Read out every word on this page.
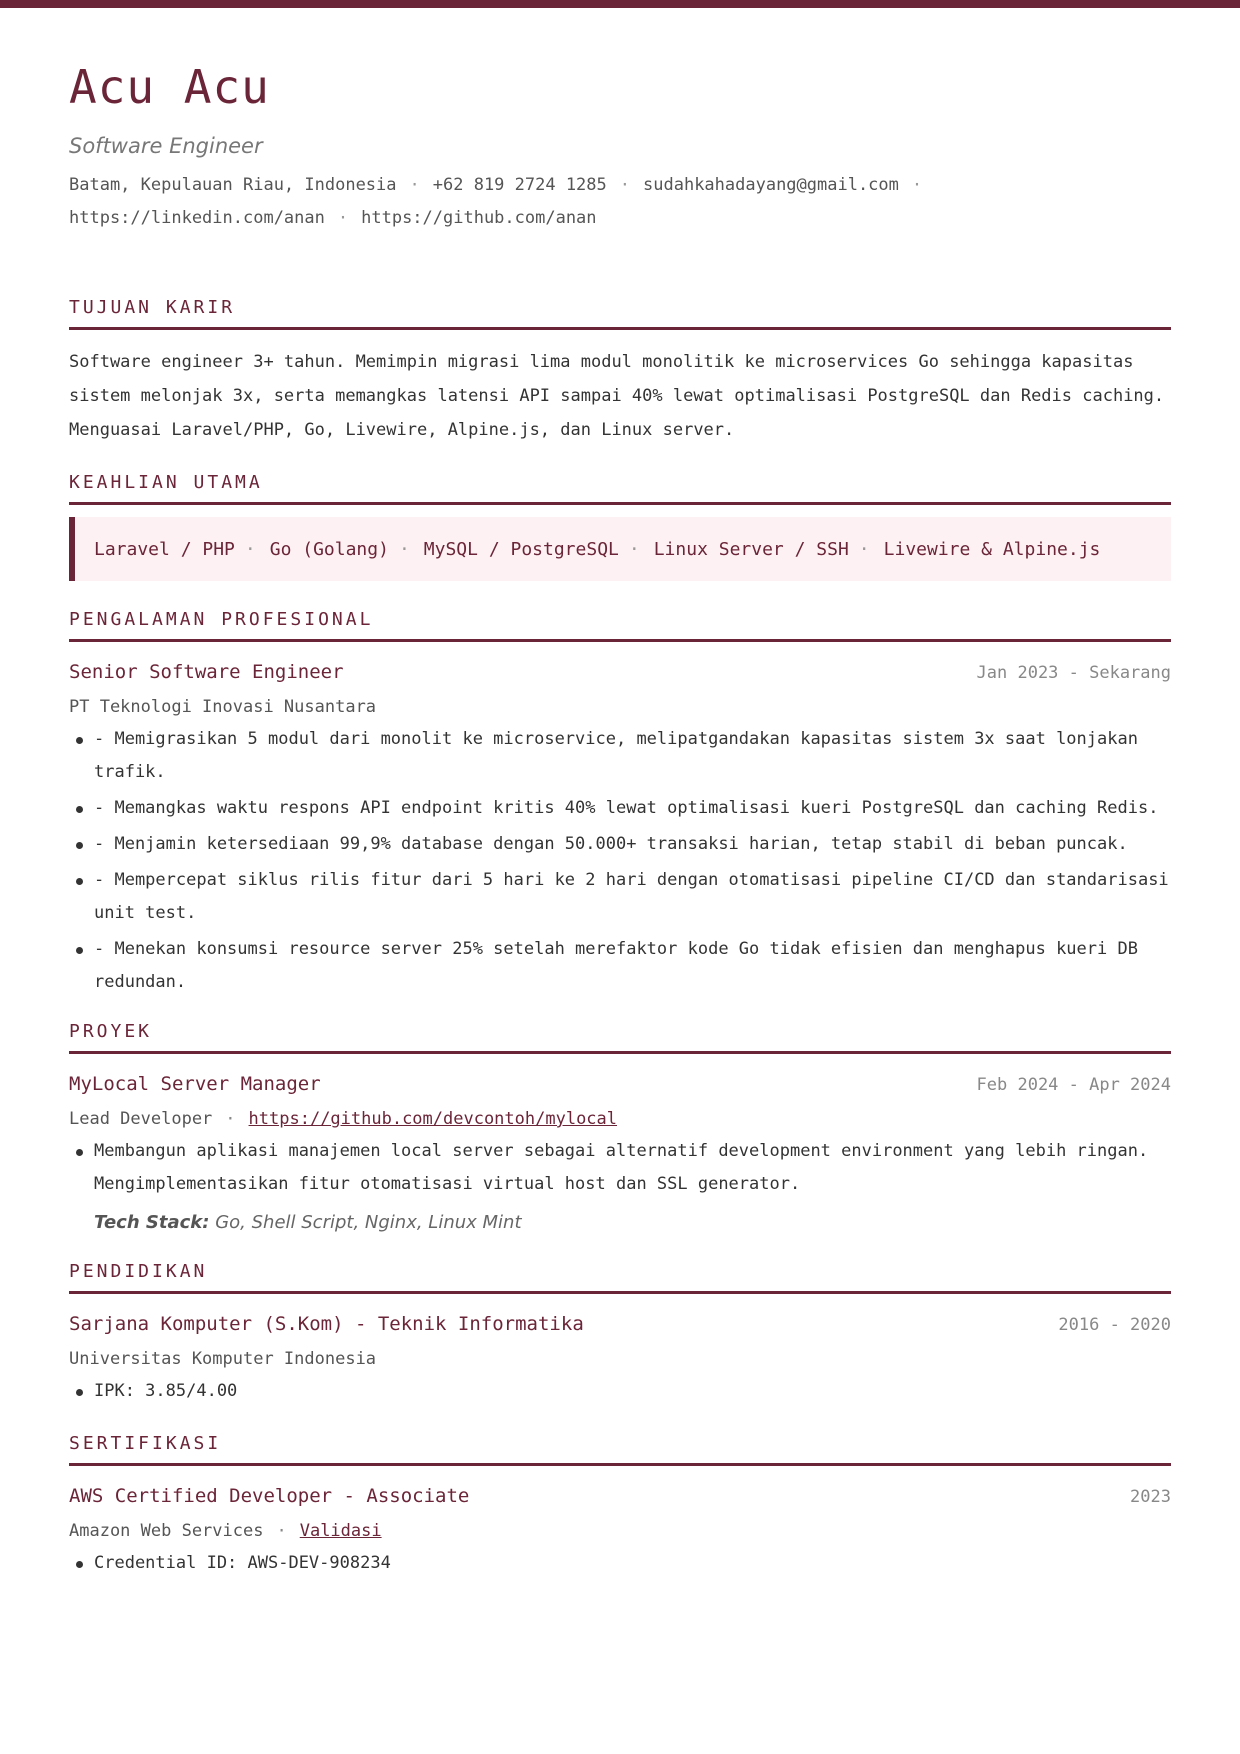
Acu Acu
Software Engineer
Batam, Kepulauan Riau, Indonesia · +62 819 2724 1285 · sudahkahadayang@gmail.com ·
https://linkedin.com/anan · https://github.com/anan
TUJUAN KARIR
Software engineer 3+ tahun. Memimpin migrasi lima modul monolitik ke microservices Go sehingga kapasitas sistem melonjak 3x, serta memangkas latensi API sampai 40% lewat optimalisasi PostgreSQL dan Redis caching. Menguasai Laravel/PHP, Go, Livewire, Alpine.js, dan Linux server.
KEAHLIAN UTAMA
Laravel / PHP · Go (Golang) · MySQL / PostgreSQL · Linux Server / SSH · Livewire & Alpine.js
PENGALAMAN PROFESIONAL
Senior Software Engineer	Jan 2023 - Sekarang
PT Teknologi Inovasi Nusantara
- Memigrasikan 5 modul dari monolit ke microservice, melipatgandakan kapasitas sistem 3x saat lonjakan trafik.
- Memangkas waktu respons API endpoint kritis 40% lewat optimalisasi kueri PostgreSQL dan caching Redis.
- Menjamin ketersediaan 99,9% database dengan 50.000+ transaksi harian, tetap stabil di beban puncak.
- Mempercepat siklus rilis fitur dari 5 hari ke 2 hari dengan otomatisasi pipeline CI/CD dan standarisasi unit test.
- Menekan konsumsi resource server 25% setelah merefaktor kode Go tidak efisien dan menghapus kueri DB redundan.
PROYEK
MyLocal Server Manager	Feb 2024 - Apr 2024
Lead Developer · https://github.com/devcontoh/mylocal
Membangun aplikasi manajemen local server sebagai alternatif development environment yang lebih ringan. Mengimplementasikan fitur otomatisasi virtual host dan SSL generator.
Tech Stack: Go, Shell Script, Nginx, Linux Mint
PENDIDIKAN
Sarjana Komputer (S.Kom) - Teknik Informatika	2016 - 2020
Universitas Komputer Indonesia
IPK: 3.85/4.00
SERTIFIKASI
AWS Certified Developer - Associate	2023
Amazon Web Services · Validasi
Credential ID: AWS-DEV-908234
